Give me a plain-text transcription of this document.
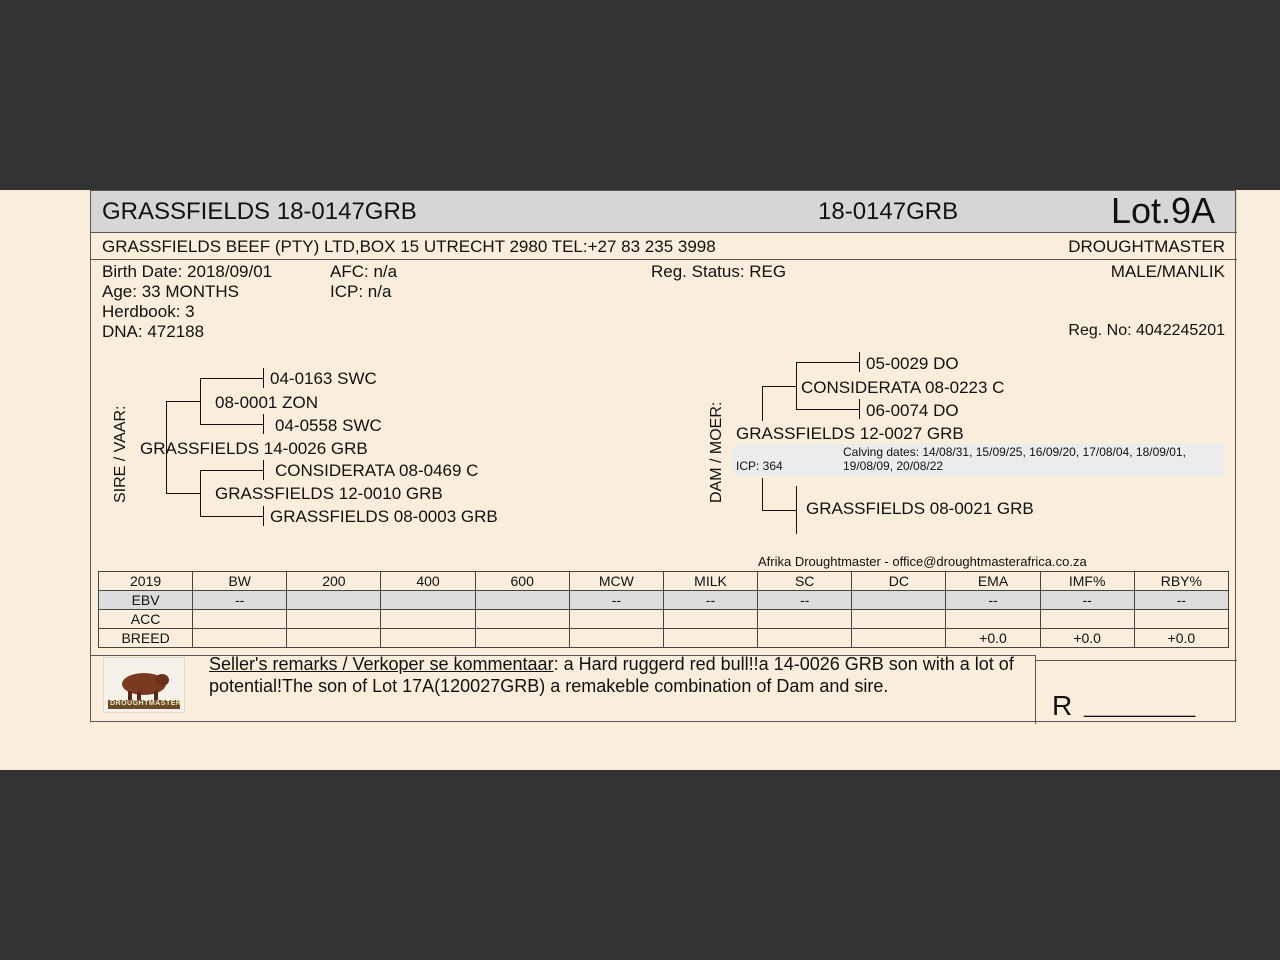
GRASSFIELDS 18-0147GRB	18-0147GRB	Lot.9A
GRASSFIELDS BEEF (PTY) LTD,BOX 15 UTRECHT 2980 TEL:+27 83 235 3998	DROUGHTMASTER
Birth Date: 2018/09/01
Age: 33 MONTHS
Herdbook: 3
DNA: 472188
AFC: n/a
ICP: n/a
Reg. Status: REG	MALE/MANLIK
Reg. No: 4042245201
SIRE / VAAR:
04-0163 SWC
08-0001 ZON
04-0558 SWC
GRASSFIELDS 14-0026 GRB
CONSIDERATA 08-0469 C
GRASSFIELDS 12-0010 GRB
GRASSFIELDS 08-0003 GRB
DAM / MOER:
05-0029 DO
CONSIDERATA 08-0223 C
06-0074 DO
GRASSFIELDS 12-0027 GRB
ICP: 364
Calving dates: 14/08/31, 15/09/25, 16/09/20, 17/08/04, 18/09/01,
19/08/09, 20/08/22
GRASSFIELDS 08-0021 GRB
Afrika Droughtmaster - office@droughtmasterafrica.co.za
2019	BW	200	400	600	MCW	MILK	SC	DC	EMA	IMF%	RBY%
EBV	--				--	--	--		--	--	--
ACC											
BREED									+0.0	+0.0	+0.0
DROUGHTMASTER
Seller's remarks / Verkoper se kommentaar: a Hard ruggerd red bull!!a 14-0026 GRB son with a lot of potential!The son of Lot 17A(120027GRB) a remakeble combination of Dam and sire.
R __________
